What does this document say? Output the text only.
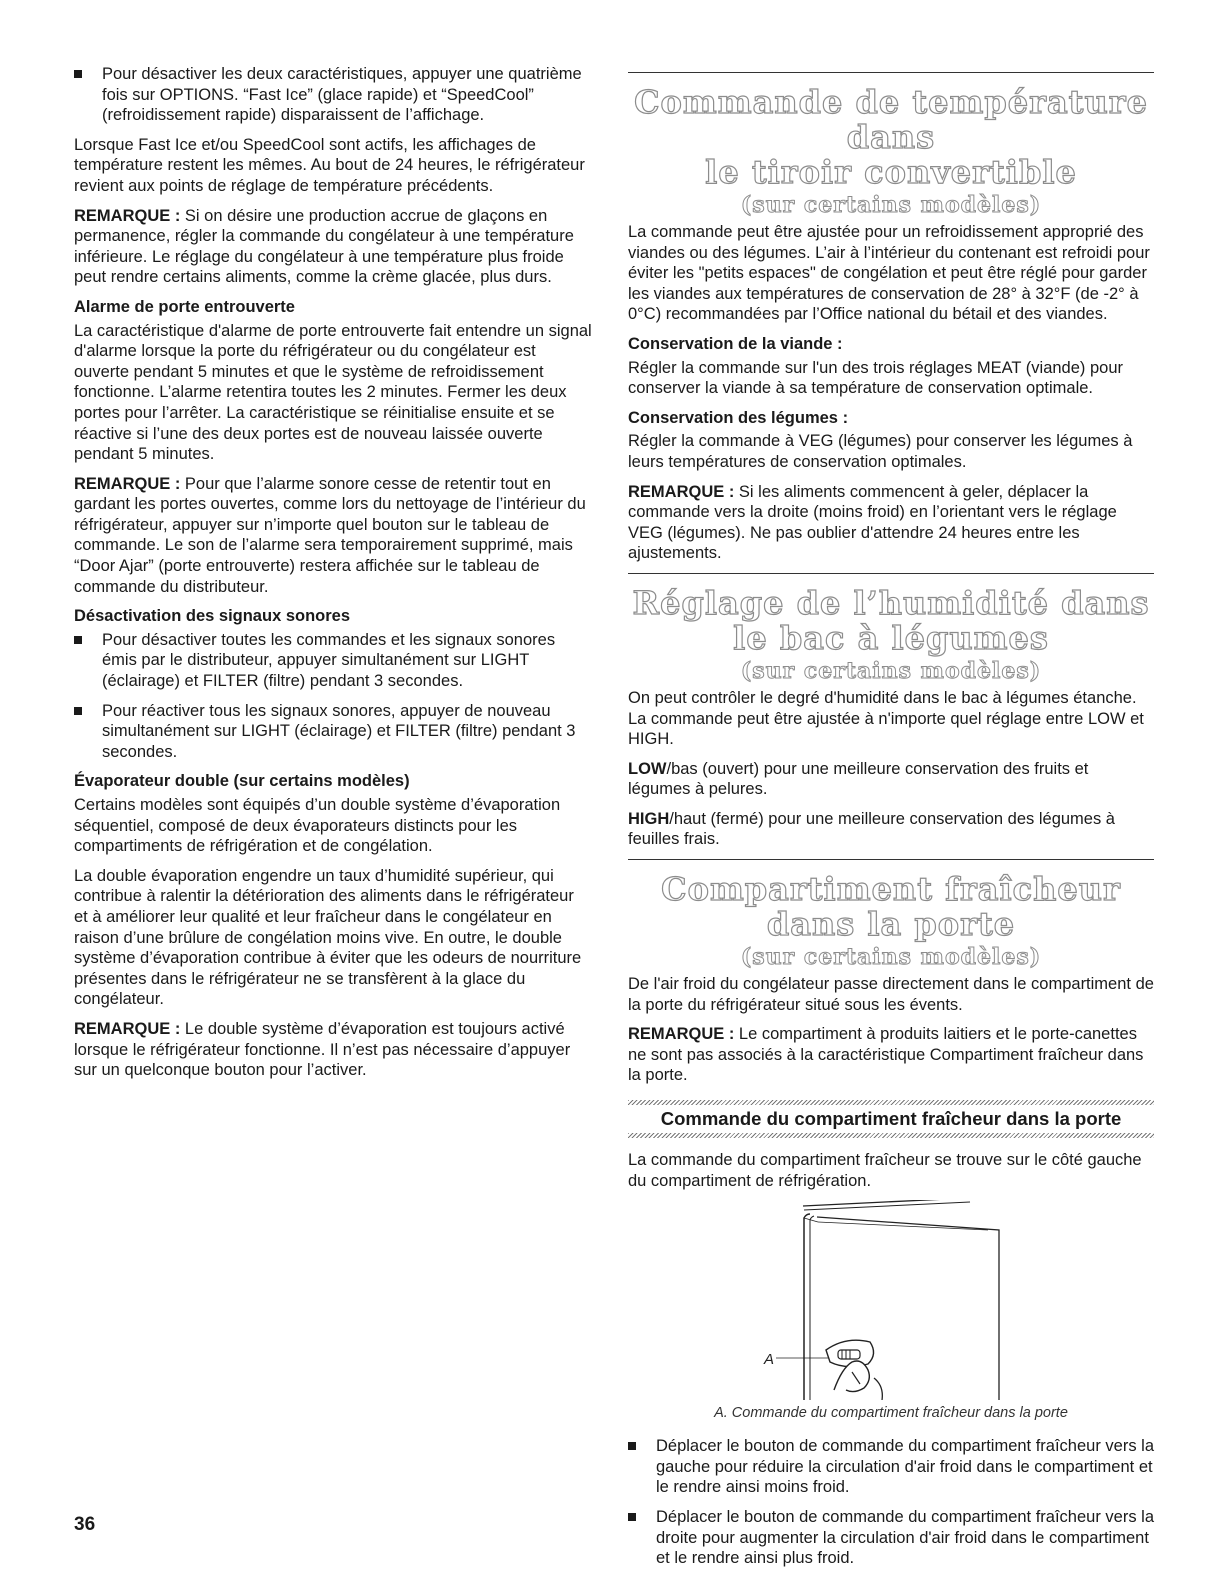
Pour désactiver les deux caractéristiques, appuyer une quatrième fois sur OPTIONS. “Fast Ice” (glace rapide) et “SpeedCool” (refroidissement rapide) disparaissent de l’affichage.

Lorsque Fast Ice et/ou SpeedCool sont actifs, les affichages de température restent les mêmes. Au bout de 24 heures, le réfrigérateur revient aux points de réglage de température précédents.

REMARQUE : Si on désire une production accrue de glaçons en permanence, régler la commande du congélateur à une température inférieure. Le réglage du congélateur à une température plus froide peut rendre certains aliments, comme la crème glacée, plus durs.

Alarme de porte entrouverte

La caractéristique d'alarme de porte entrouverte fait entendre un signal d'alarme lorsque la porte du réfrigérateur ou du congélateur est ouverte pendant 5 minutes et que le système de refroidissement fonctionne. L’alarme retentira toutes les 2 minutes. Fermer les deux portes pour l’arrêter. La caractéristique se réinitialise ensuite et se réactive si l’une des deux portes est de nouveau laissée ouverte pendant 5 minutes.

REMARQUE : Pour que l’alarme sonore cesse de retentir tout en gardant les portes ouvertes, comme lors du nettoyage de l’intérieur du réfrigérateur, appuyer sur n’importe quel bouton sur le tableau de commande. Le son de l’alarme sera temporairement supprimé, mais “Door Ajar” (porte entrouverte) restera affichée sur le tableau de commande du distributeur.

Désactivation des signaux sonores
Pour désactiver toutes les commandes et les signaux sonores émis par le distributeur, appuyer simultanément sur LIGHT (éclairage) et FILTER (filtre) pendant 3 secondes.
Pour réactiver tous les signaux sonores, appuyer de nouveau simultanément sur LIGHT (éclairage) et FILTER (filtre) pendant 3 secondes.
Évaporateur double (sur certains modèles)

Certains modèles sont équipés d’un double système d’évaporation séquentiel, composé de deux évaporateurs distincts pour les compartiments de réfrigération et de congélation.

La double évaporation engendre un taux d’humidité supérieur, qui contribue à ralentir la détérioration des aliments dans le réfrigérateur et à améliorer leur qualité et leur fraîcheur dans le congélateur en raison d’une brûlure de congélation moins vive. En outre, le double système d’évaporation contribue à éviter que les odeurs de nourriture présentes dans le réfrigérateur ne se transfèrent à la glace du congélateur.

REMARQUE : Le double système d’évaporation est toujours activé lorsque le réfrigérateur fonctionne. Il n’est pas nécessaire d’appuyer sur un quelconque bouton pour l’activer.

Commande de température dans
le tiroir convertible
(sur certains modèles)

La commande peut être ajustée pour un refroidissement approprié des viandes ou des légumes. L’air à l’intérieur du contenant est refroidi pour éviter les "petits espaces" de congélation et peut être réglé pour garder les viandes aux températures de conservation de 28° à 32°F (de -2° à 0°C) recommandées par l’Office national du bétail et des viandes.

Conservation de la viande :

Régler la commande sur l'un des trois réglages MEAT (viande) pour conserver la viande à sa température de conservation optimale.

Conservation des légumes :

Régler la commande à VEG (légumes) pour conserver les légumes à leurs températures de conservation optimales.

REMARQUE : Si les aliments commencent à geler, déplacer la commande vers la droite (moins froid) en l’orientant vers le réglage VEG (légumes). Ne pas oublier d'attendre 24 heures entre les ajustements.

Réglage de l’humidité dans
le bac à légumes
(sur certains modèles)

On peut contrôler le degré d'humidité dans le bac à légumes étanche. La commande peut être ajustée à n'importe quel réglage entre LOW et HIGH.

LOW/bas (ouvert) pour une meilleure conservation des fruits et légumes à pelures.

HIGH/haut (fermé) pour une meilleure conservation des légumes à feuilles frais.

Compartiment fraîcheur
dans la porte
(sur certains modèles)

De l'air froid du congélateur passe directement dans le compartiment de la porte du réfrigérateur situé sous les évents.

REMARQUE : Le compartiment à produits laitiers et le porte-canettes ne sont pas associés à la caractéristique Compartiment fraîcheur dans la porte.

Commande du compartiment fraîcheur dans la porte

La commande du compartiment fraîcheur se trouve sur le côté gauche du compartiment de réfrigération.

A
A. Commande du compartiment fraîcheur dans la porte
Déplacer le bouton de commande du compartiment fraîcheur vers la gauche pour réduire la circulation d'air froid dans le compartiment et le rendre ainsi moins froid.
Déplacer le bouton de commande du compartiment fraîcheur vers la droite pour augmenter la circulation d'air froid dans le compartiment et le rendre ainsi plus froid.
36
